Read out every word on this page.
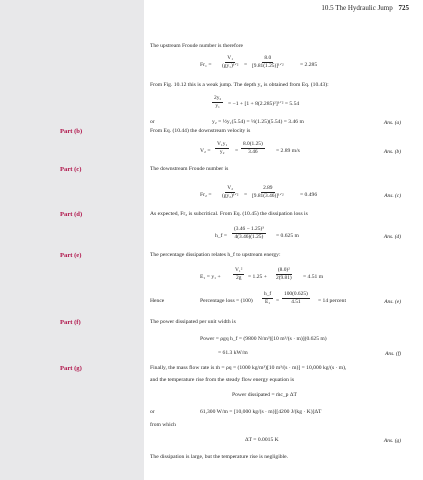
10.5 The Hydraulic Jump 725
The upstream Froude number is therefore
Fr₁ =
V₁
(gy₁)¹ᐟ²	=
8.0
[9.81(1.25)]¹ᐟ²	= 2.285
From Fig. 10.12 this is a weak jump. The depth y₂ is obtained from Eq. (10.43):
$\frac{\text{2y₂}}{\text{y₁}} = -1 + [1$ + 8(2.285)²]¹ᐟ² = 5.54
or	y₂ = ½y₁(5.54) = ½(1.25)(5.54) = 3.46 m	Ans. (a)
Part (b)	From Eq. (10.44) the downstream velocity is
$V_2 = \frac{\text{V₁y₁}}{\text{y₂}} = \frac{8.0(1.25)}{3.46} = 2.89$ m/s	Ans. (b)
Part (c)	The downstream Froude number is
Fr₂ =
V₂
(gy₂)¹ᐟ²	=
2.89
[9.81(3.46)]¹ᐟ²	= 0.496	Ans. (c)
Part (d)	As expected, Fr₂ is subcritical. From Eq. (10.45) the dissipation loss is
h_f = $\frac{\text{(3.46 − 1.25)³}}{4(3.46)(1.25)} = 0.625$ m	Ans. (d)
Part (e)	The percentage dissipation relates h_f to upstream energy:
$E_1 = y_1 + \frac{\text{V₁²}}{2g} = 1.25 + \frac{\text{(8.0)²}}{2(9.81)} = 4.51$ m
Hence	Percentage loss = $(100) \frac{h\_f}{\text{E₁}} = \frac{100(0.625)}{4.51} = 14$ percent	Ans. (e)
Part (f)	The power dissipated per unit width is
Power = ρgq h_f = (9800 N/m³)[10 m³/(s · m)](0.625 m)
= 61.3 kW/m	Ans. (f)
Part (g)	Finally, the mass flow rate is ṁ = ρq = (1000 kg/m³)[10 m³/(s · m)] = 10,000 kg/(s · m),
and the temperature rise from the steady flow energy equation is
Power dissipated = ṁc_p ΔT
or	61,300 W/m = [10,000 kg/(s · m)][4200 J/(kg · K)]ΔT
from which
ΔT = 0.0015 K	Ans. (g)
The dissipation is large, but the temperature rise is negligible.
